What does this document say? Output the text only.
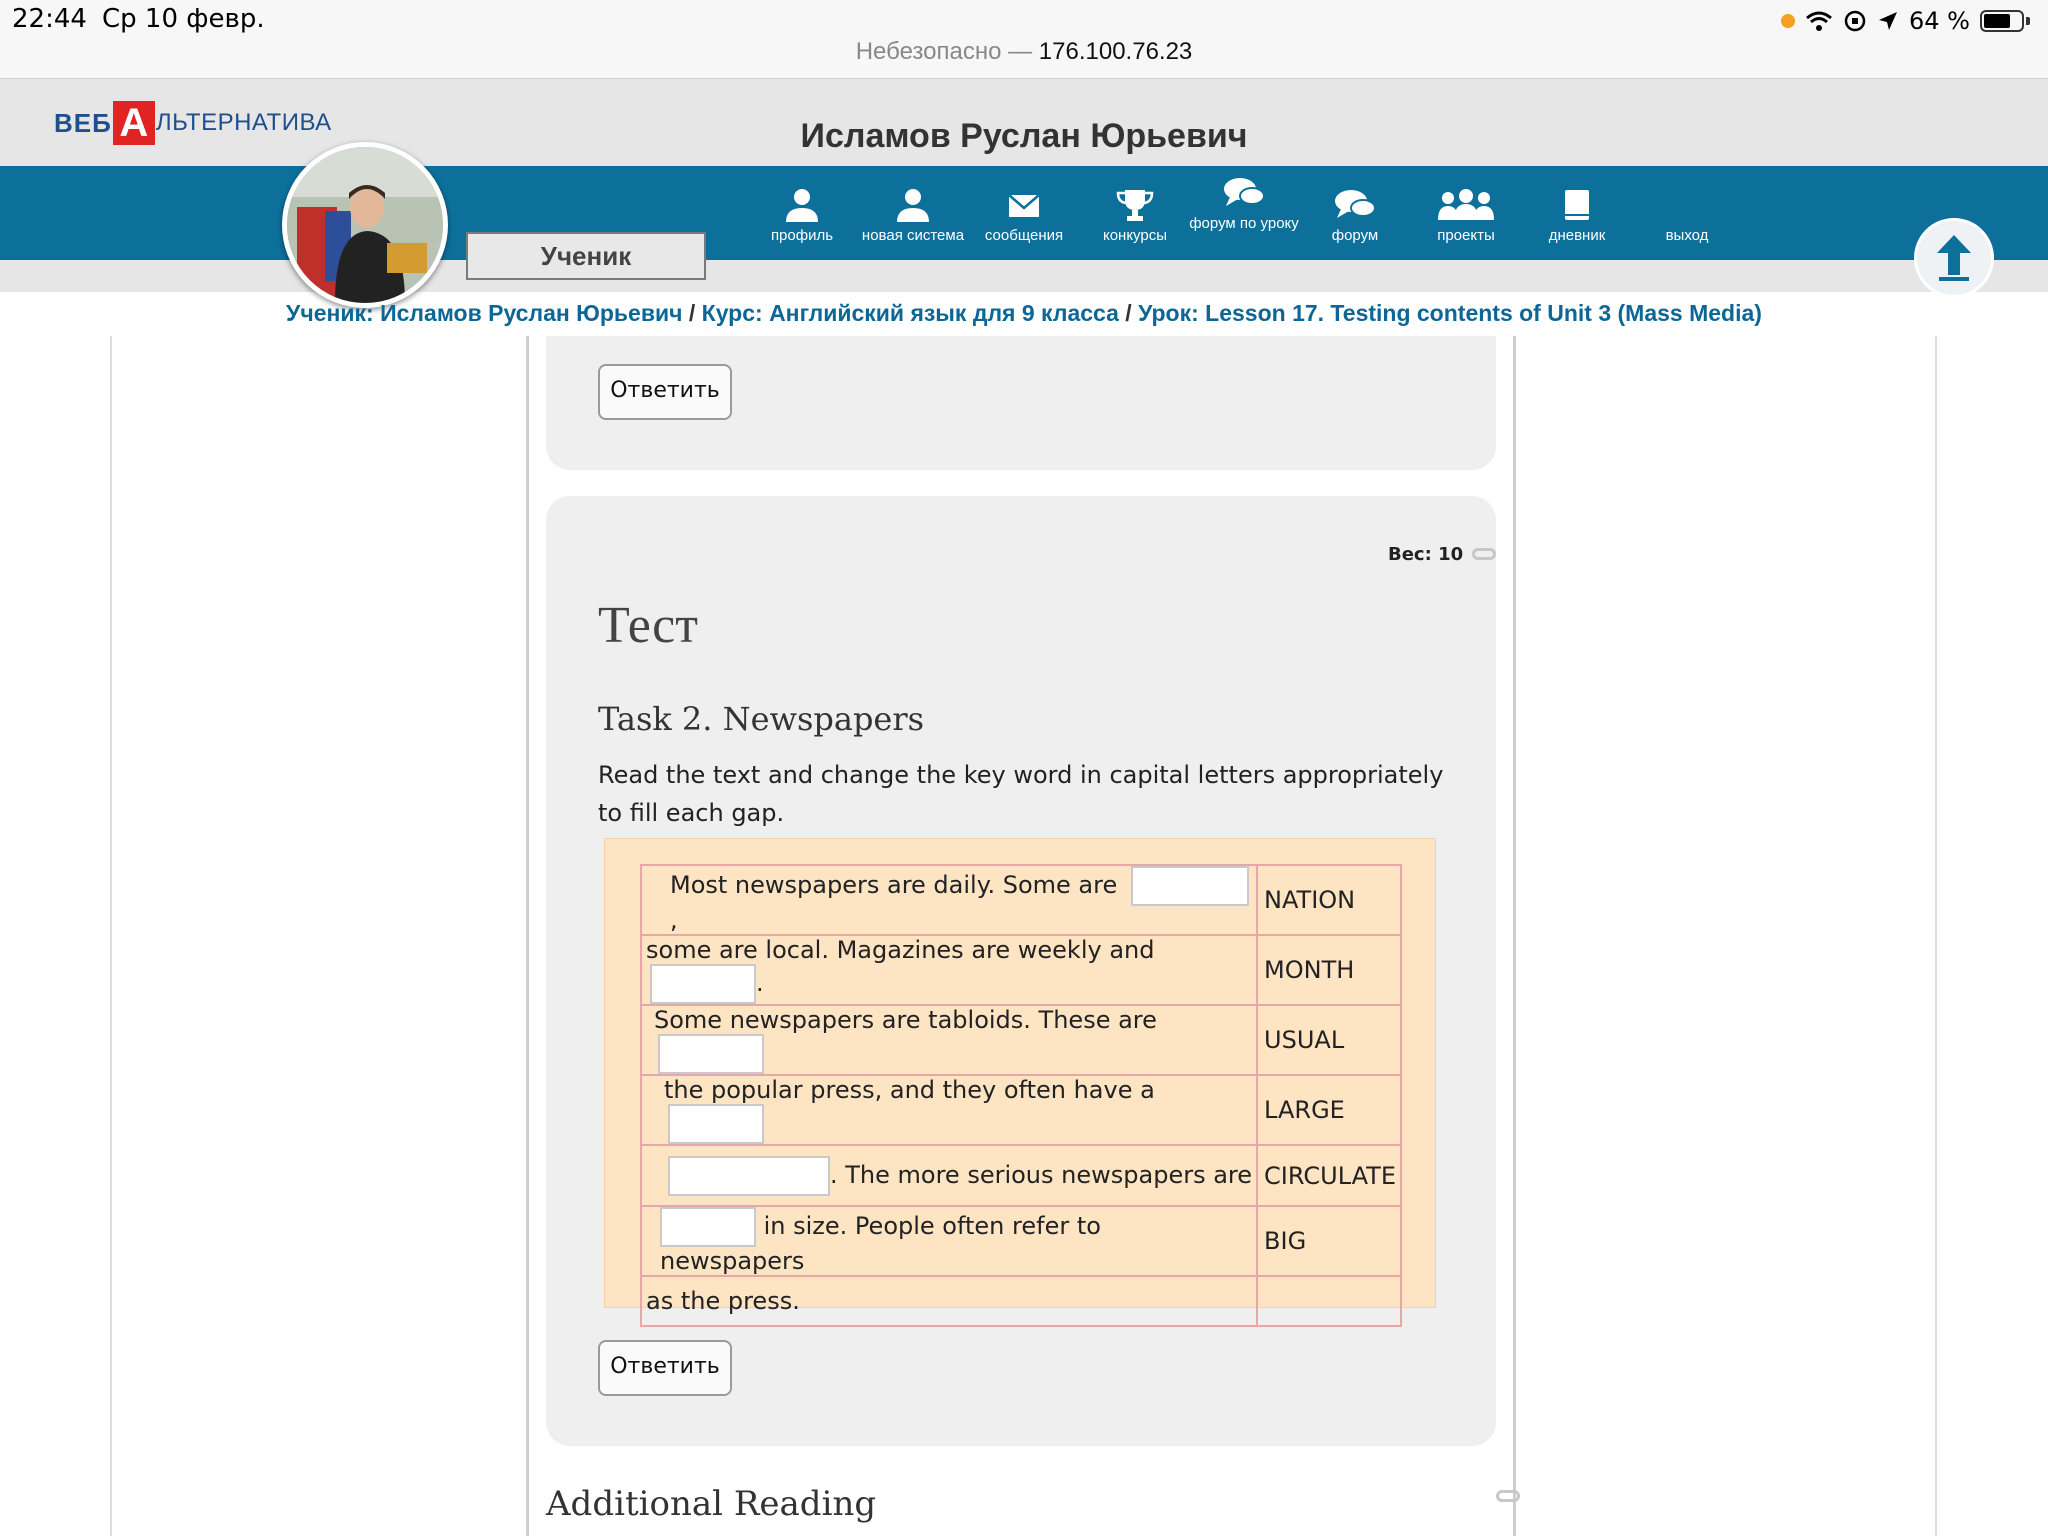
22:44 Ср 10 февр.	64 %
Небезопасно — 176.100.76.23
ВЕБ А ЛЬТЕРНАТИВА	Исламов Руслан Юрьевич
профиль	новая система	сообщения	конкурсы
форум по уроку
форум	проекты	дневник	выход
Ученик
Ученик: Исламов Руслан Юрьевич / Курс: Английский язык для 9 класса / Урок: Lesson 17. Testing contents of Unit 3 (Mass Media)
Ответить
Вес: 10
Тест
Task 2. Newspapers
Read the text and change the key word in capital letters appropriately to fill each gap.
Most newspapers are daily. Some are ,	NATION
some are local. Magazines are weekly and .	MONTH
Some newspapers are tabloids. These are	USUAL
the popular press, and they often have a	LARGE
. The more serious newspapers are	CIRCULATE
in size. People often refer to newspapers	BIG
as the press.	
Ответить
Additional Reading
